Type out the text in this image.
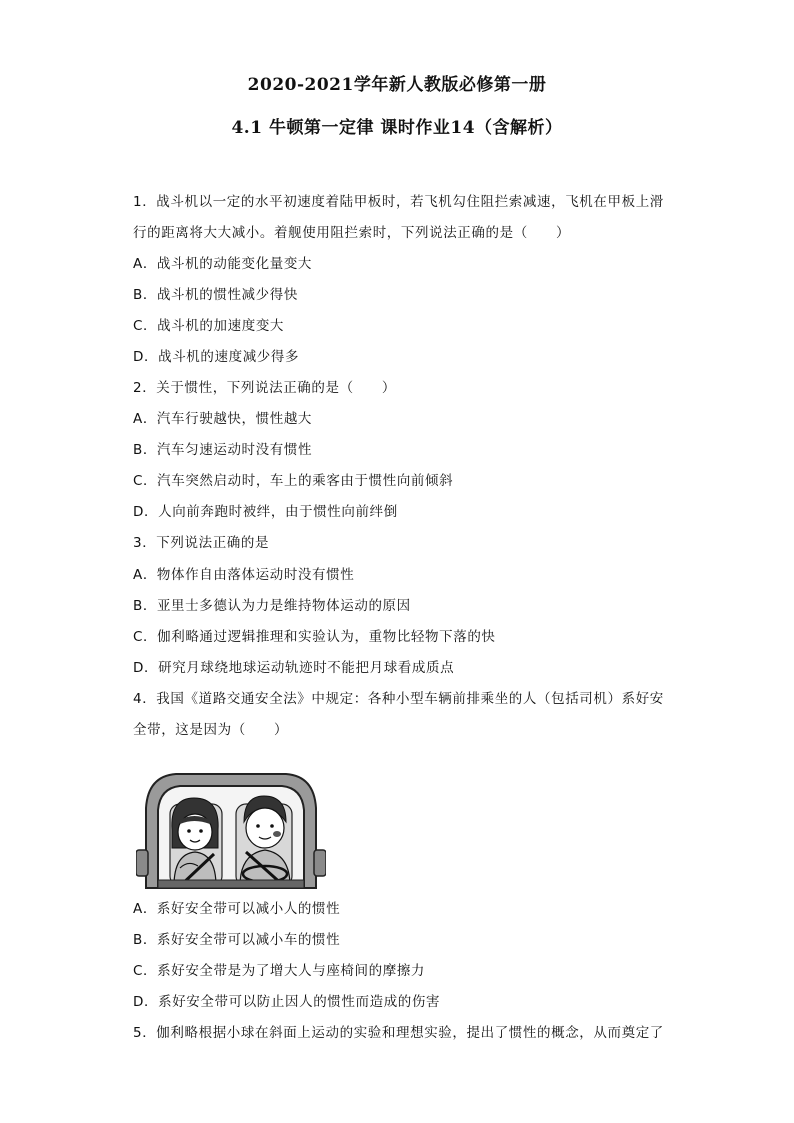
2020-2021学年新人教版必修第一册
4.1 牛顿第一定律 课时作业14（含解析）
1．战斗机以一定的水平初速度着陆甲板时，若飞机勾住阻拦索减速，飞机在甲板上滑
行的距离将大大减小。着舰使用阻拦索时，下列说法正确的是（　　）
A．战斗机的动能变化量变大
B．战斗机的惯性减少得快
C．战斗机的加速度变大
D．战斗机的速度减少得多
2．关于惯性，下列说法正确的是（　　）
A．汽车行驶越快，惯性越大
B．汽车匀速运动时没有惯性
C．汽车突然启动时，车上的乘客由于惯性向前倾斜
D．人向前奔跑时被绊，由于惯性向前绊倒
3．下列说法正确的是
A．物体作自由落体运动时没有惯性
B．亚里士多德认为力是维持物体运动的原因
C．伽利略通过逻辑推理和实验认为，重物比轻物下落的快
D．研究月球绕地球运动轨迹时不能把月球看成质点
4．我国《道路交通安全法》中规定：各种小型车辆前排乘坐的人（包括司机）系好安
全带，这是因为（　　）
A．系好安全带可以减小人的惯性
B．系好安全带可以减小车的惯性
C．系好安全带是为了增大人与座椅间的摩擦力
D．系好安全带可以防止因人的惯性而造成的伤害
5．伽利略根据小球在斜面上运动的实验和理想实验，提出了惯性的概念，从而奠定了
